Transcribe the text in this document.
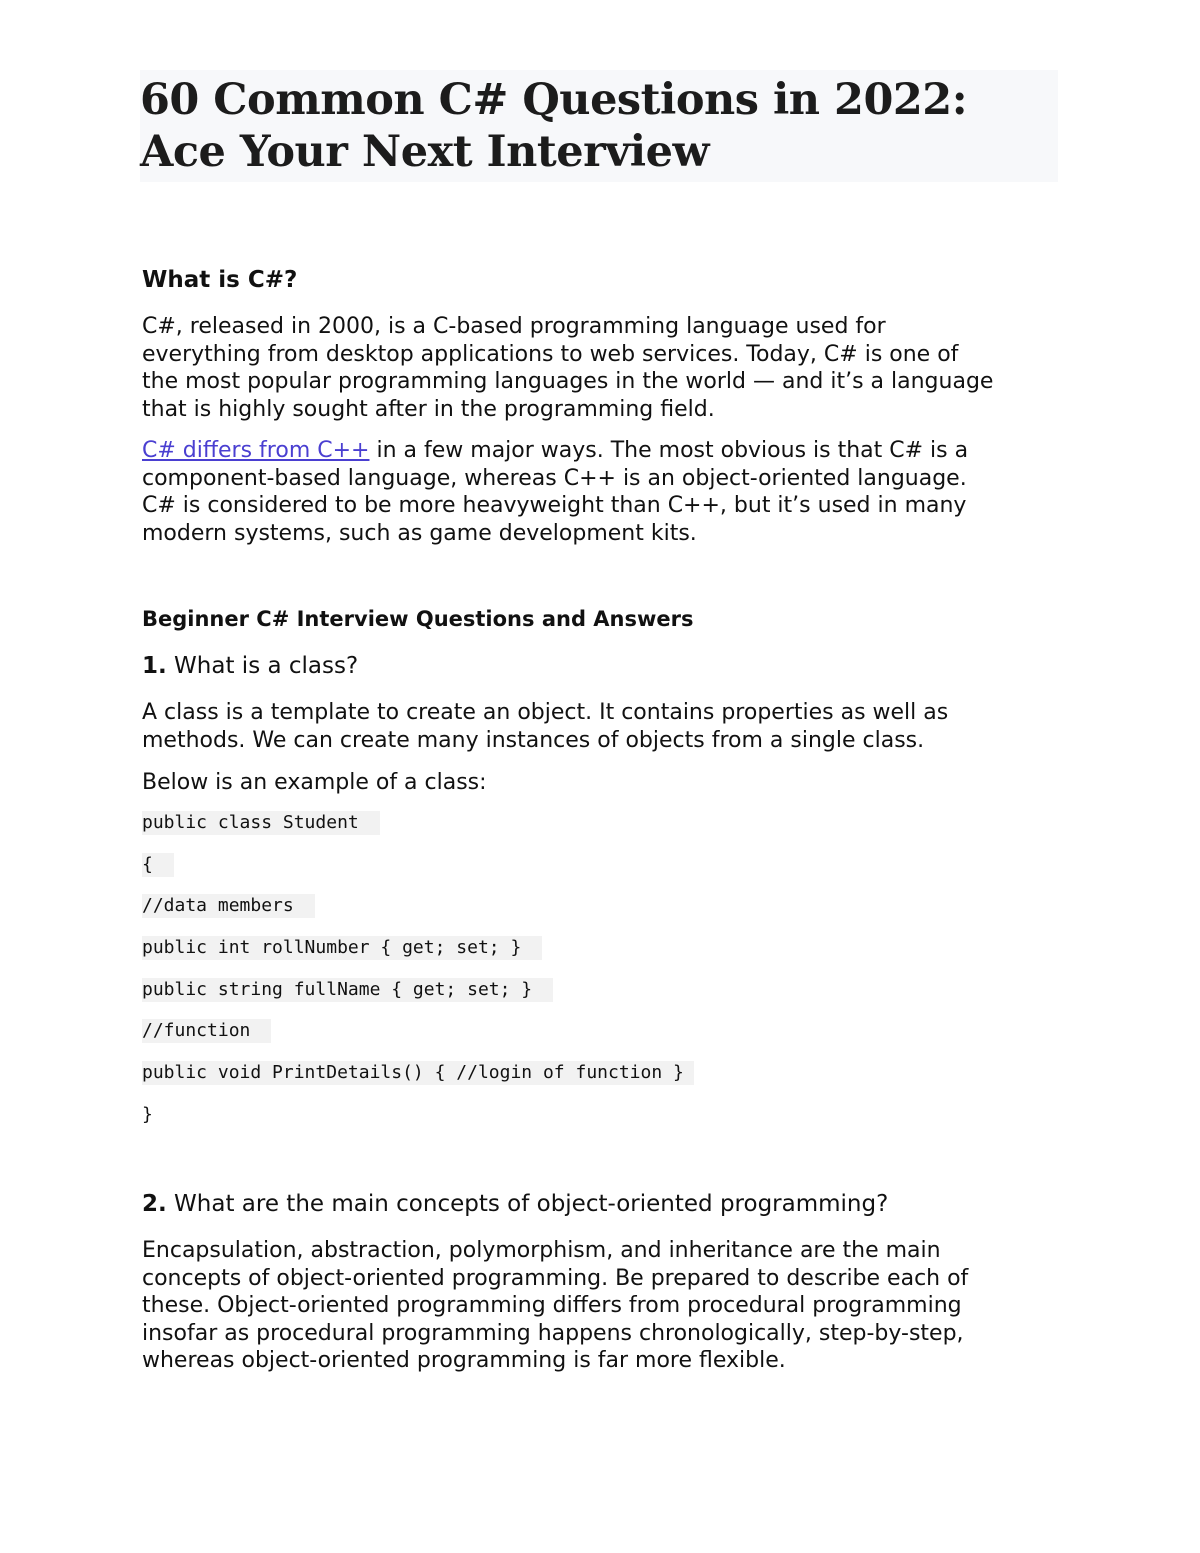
60 Common C# Questions in 2022:
Ace Your Next Interview
What is C#?
C#, released in 2000, is a C-based programming language used for
everything from desktop applications to web services. Today, C# is one of
the most popular programming languages in the world — and it’s a language
that is highly sought after in the programming field.
C# differs from C++ in a few major ways. The most obvious is that C# is a
component-based language, whereas C++ is an object-oriented language.
C# is considered to be more heavyweight than C++, but it’s used in many
modern systems, such as game development kits.
Beginner C# Interview Questions and Answers
1. What is a class?
A class is a template to create an object. It contains properties as well as
methods. We can create many instances of objects from a single class.
Below is an example of a class:
public class Student
{
//data members
public int rollNumber { get; set; }
public string fullName { get; set; }
//function
public void PrintDetails() { //login of function }
}
2. What are the main concepts of object-oriented programming?
Encapsulation, abstraction, polymorphism, and inheritance are the main
concepts of object-oriented programming. Be prepared to describe each of
these. Object-oriented programming differs from procedural programming
insofar as procedural programming happens chronologically, step-by-step,
whereas object-oriented programming is far more flexible.
